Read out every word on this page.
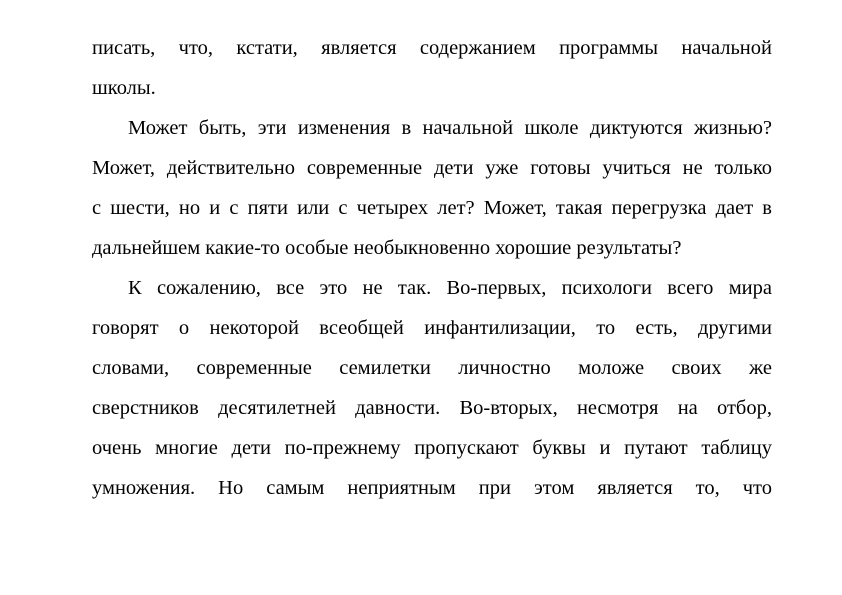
писать, что, кстати, является содержанием программы начальной
школы.
Может быть, эти изменения в начальной школе диктуются жизнью?
Может, действительно современные дети уже готовы учиться не только
с шести, но и с пяти или с четырех лет? Может, такая перегрузка дает в
дальнейшем какие-то особые необыкновенно хорошие результаты?
К сожалению, все это не так. Во-первых, психологи всего мира
говорят о некоторой всеобщей инфантилизации, то есть, другими
словами, современные семилетки личностно моложе своих же
сверстников десятилетней давности. Во-вторых, несмотря на отбор,
очень многие дети по-прежнему пропускают буквы и путают таблицу
умножения. Но самым неприятным при этом является то, что
